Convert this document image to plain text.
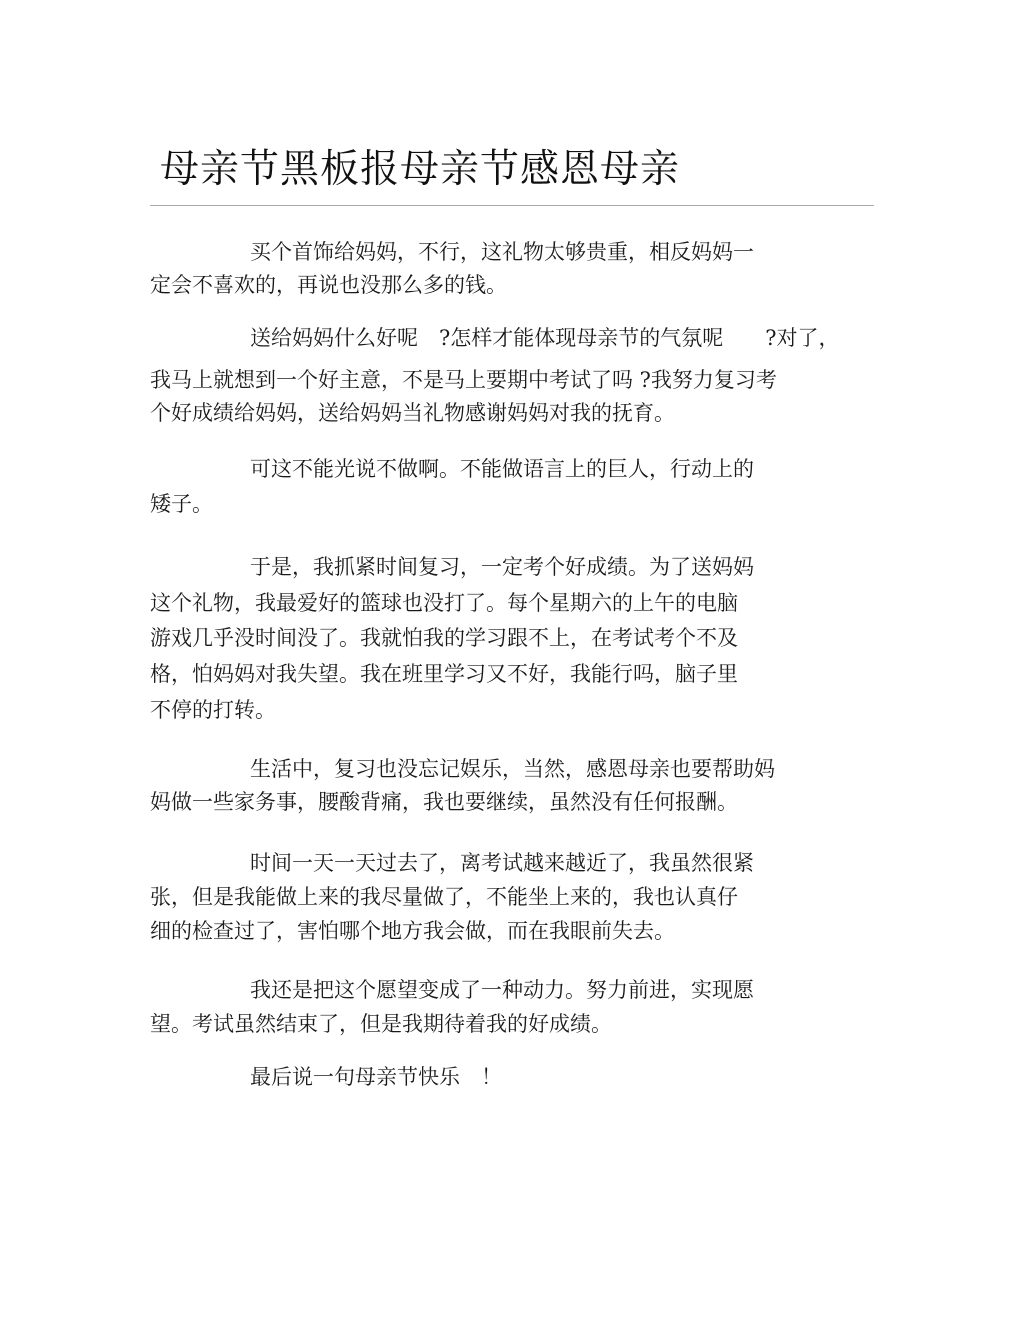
母亲节黑板报母亲节感恩母亲
买个首饰给妈妈，不行，这礼物太够贵重，相反妈妈一
定会不喜欢的，再说也没那么多的钱。
送给妈妈什么好呢　?怎样才能体现母亲节的气氛呢　　?对了，
我马上就想到一个好主意，不是马上要期中考试了吗 ?我努力复习考
个好成绩给妈妈，送给妈妈当礼物感谢妈妈对我的抚育。
可这不能光说不做啊。不能做语言上的巨人，行动上的
矮子。
于是，我抓紧时间复习，一定考个好成绩。为了送妈妈
这个礼物，我最爱好的篮球也没打了。每个星期六的上午的电脑
游戏几乎没时间没了。我就怕我的学习跟不上，在考试考个不及
格，怕妈妈对我失望。我在班里学习又不好，我能行吗，脑子里
不停的打转。
生活中，复习也没忘记娱乐，当然，感恩母亲也要帮助妈
妈做一些家务事，腰酸背痛，我也要继续，虽然没有任何报酬。
时间一天一天过去了，离考试越来越近了，我虽然很紧
张，但是我能做上来的我尽量做了，不能坐上来的，我也认真仔
细的检查过了，害怕哪个地方我会做，而在我眼前失去。
我还是把这个愿望变成了一种动力。努力前进，实现愿
望。考试虽然结束了，但是我期待着我的好成绩。
最后说一句母亲节快乐　！
